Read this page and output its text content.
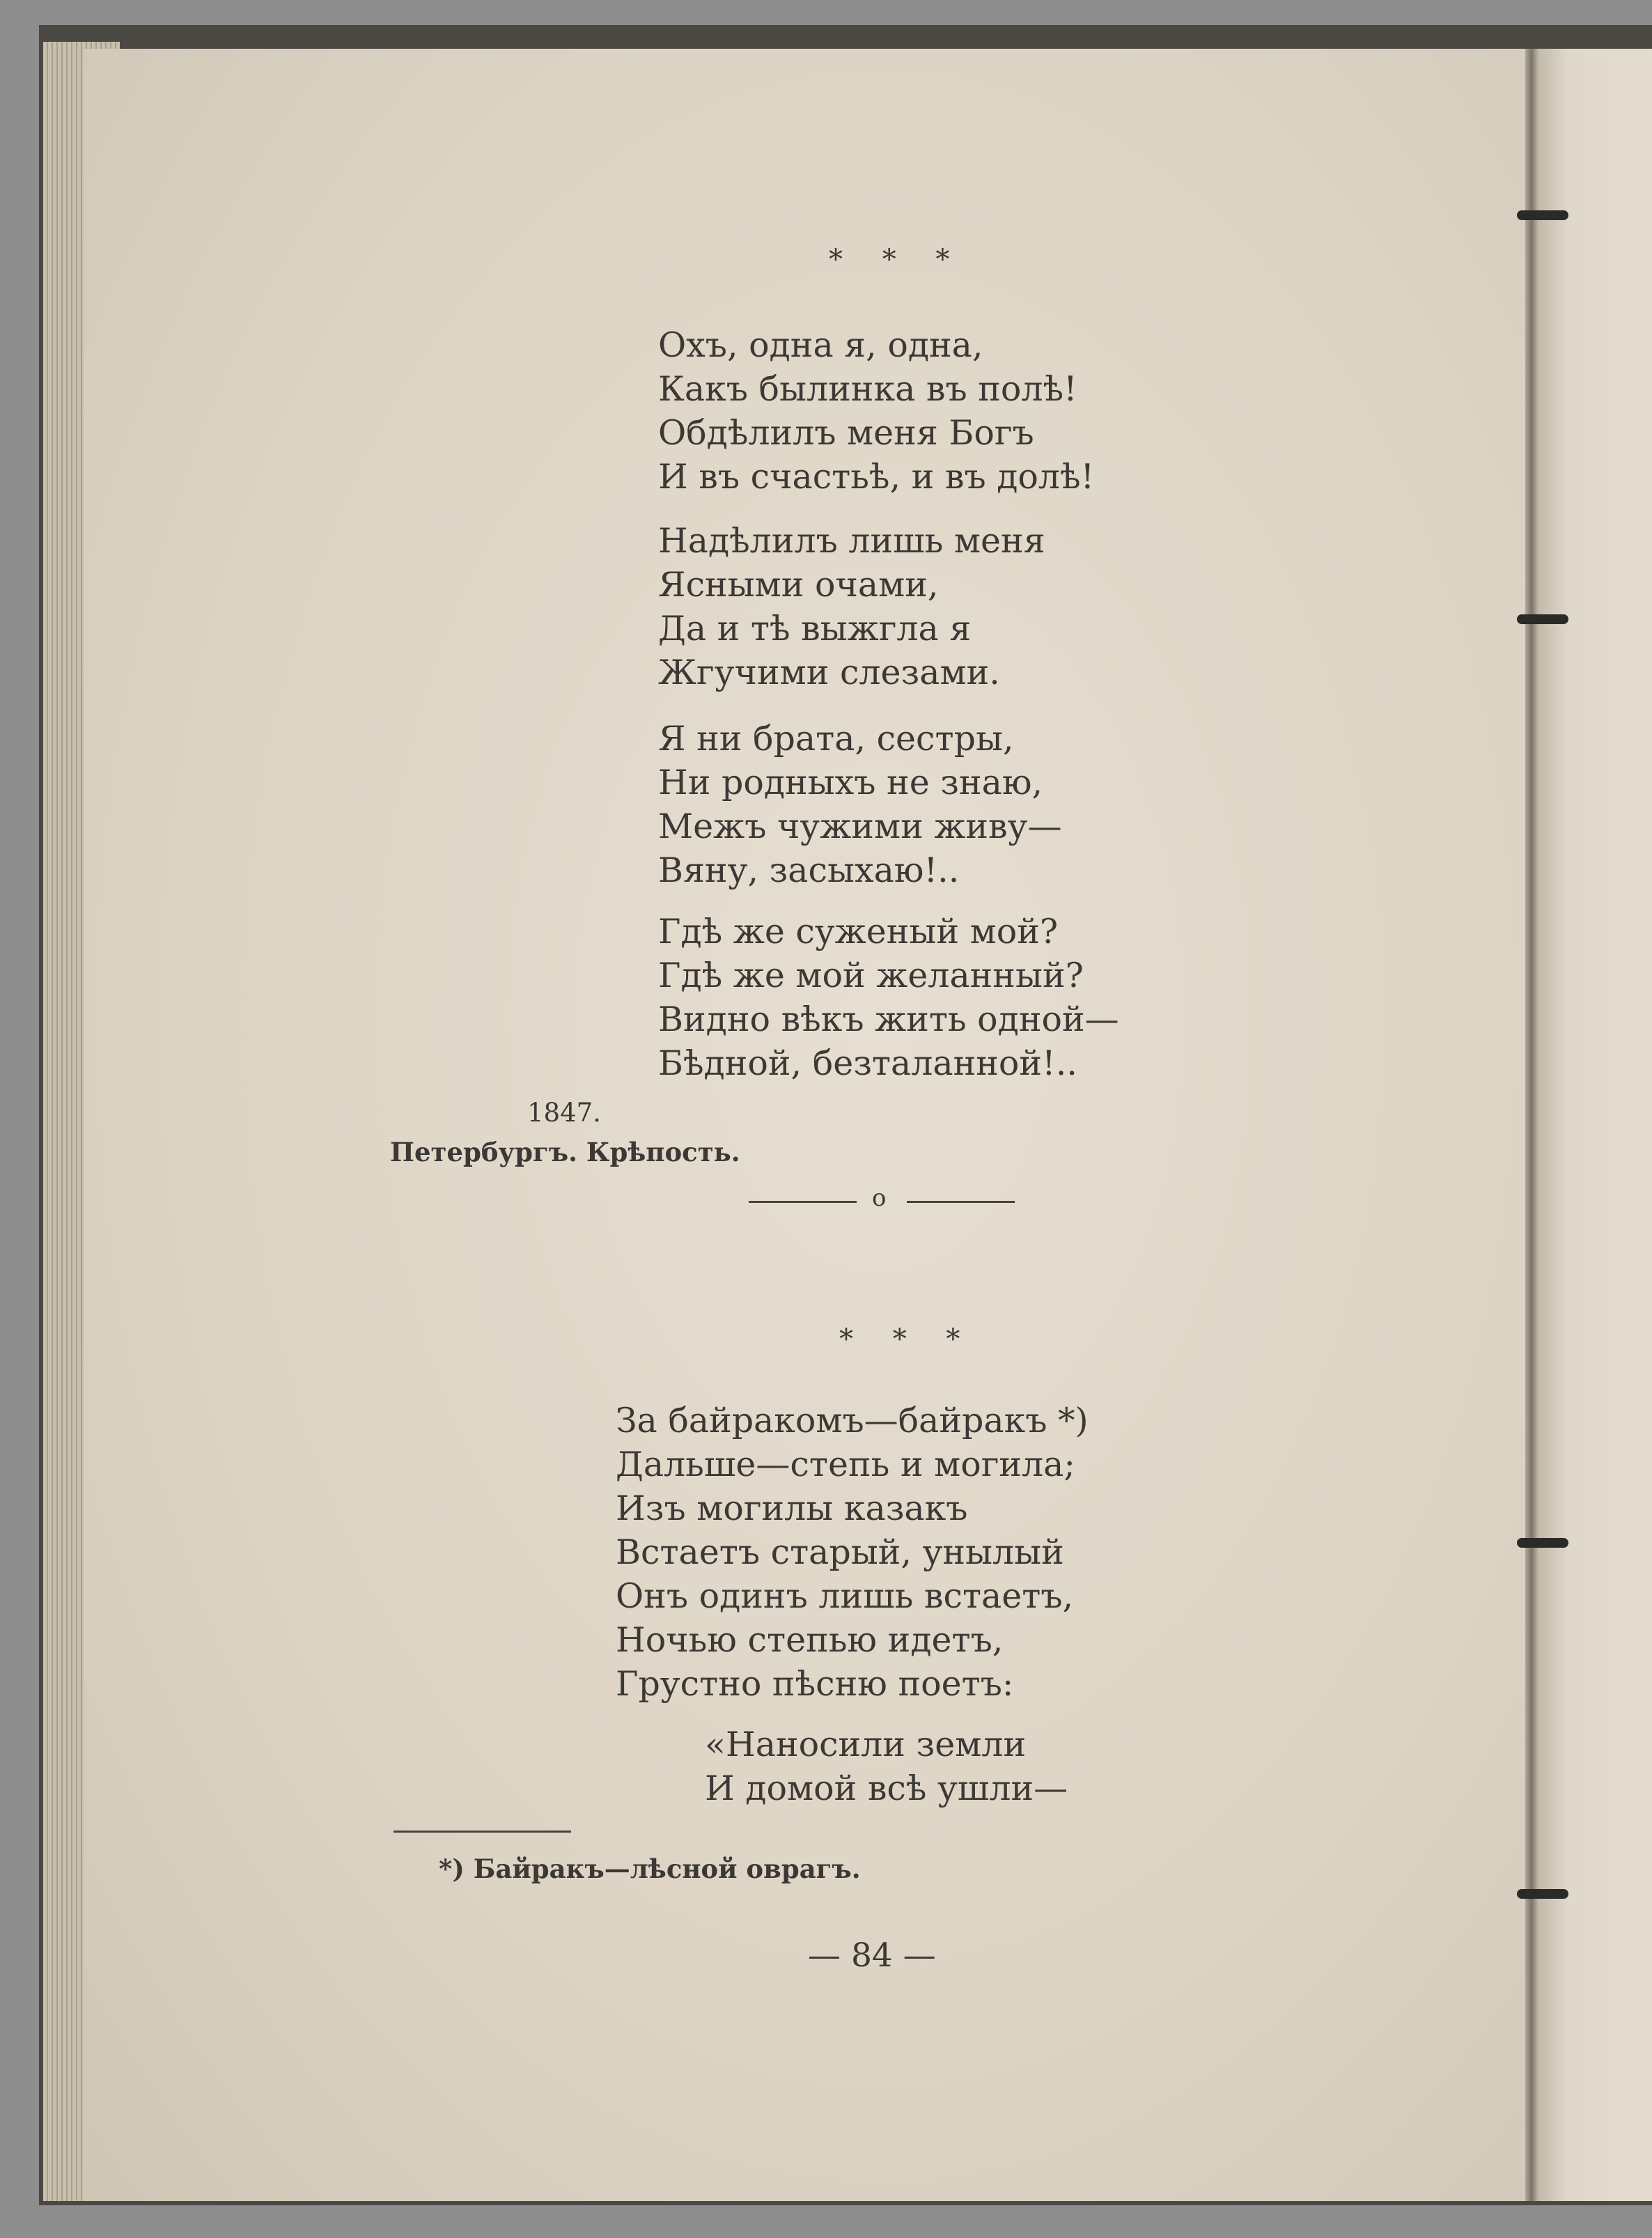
* * *

Охъ, одна я, одна,
Какъ былинка въ полѣ!
Обдѣлилъ меня Богъ
И въ счастьѣ, и въ долѣ!
Надѣлилъ лишь меня
Ясными очами,
Да и тѣ выжгла я
Жгучими слезами.
Я ни брата, сестры,
Ни родныхъ не знаю,
Межъ чужими живу—
Вяну, засыхаю!..
Гдѣ же суженый мой?
Гдѣ же мой желанный?
Видно вѣкъ жить одной—
Бѣдной, безталанной!..

1847.

Петербургъ. Крѣпость.

о

* * *

За байракомъ—байракъ *)
Дальше—степь и могила;
Изъ могилы казакъ
Встаетъ старый, унылый
Онъ одинъ лишь встаетъ,
Ночью степью идетъ,
Грустно пѣсню поетъ:
«Наносили земли
И домой всѣ ушли—

*) Байракъ—лѣсной оврагъ.

— 84 —
